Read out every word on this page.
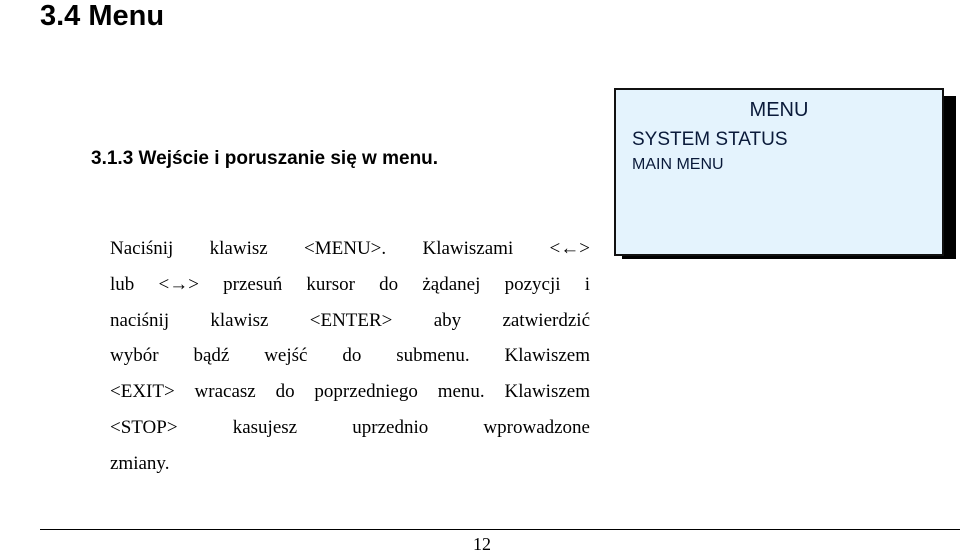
3.4 Menu
3.1.3 Wejście i poruszanie się w menu.
MENU
SYSTEM STATUS
MAIN MENU
Naciśnij klawisz <MENU>. Klawiszami <←>
lub <→> przesuń kursor do żądanej pozycji i
naciśnij klawisz <ENTER> aby zatwierdzić
wybór bądź wejść do submenu. Klawiszem
<EXIT> wracasz do poprzedniego menu. Klawiszem
<STOP> kasujesz uprzednio wprowadzone
zmiany.
12
